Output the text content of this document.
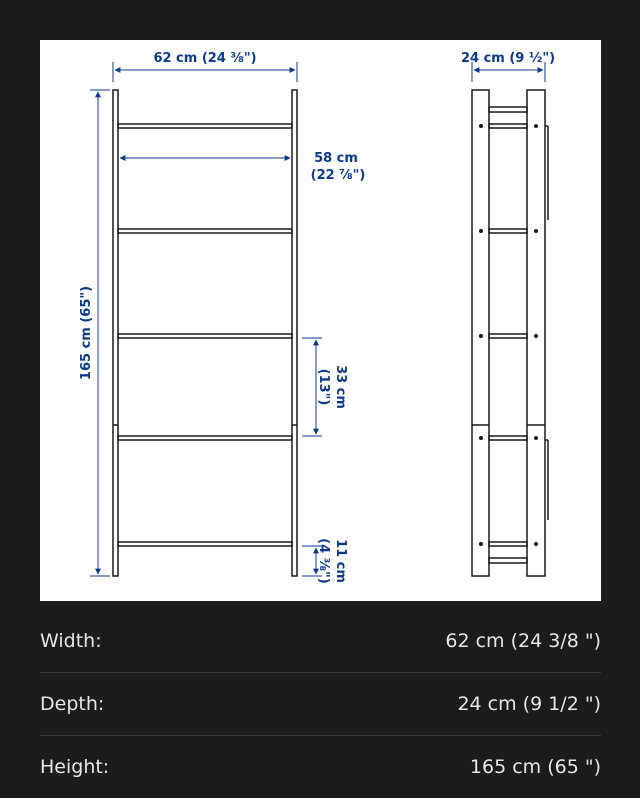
62 cm (24 ⅜")
58 cm
(22 ⅞")
165 cm (65")
33 cm
(13")
11 cm
(4 ⅜")
24 cm (9 ½")
Width:	62 cm (24 3/8 ")
Depth:	24 cm (9 1/2 ")
Height:	165 cm (65 ")
